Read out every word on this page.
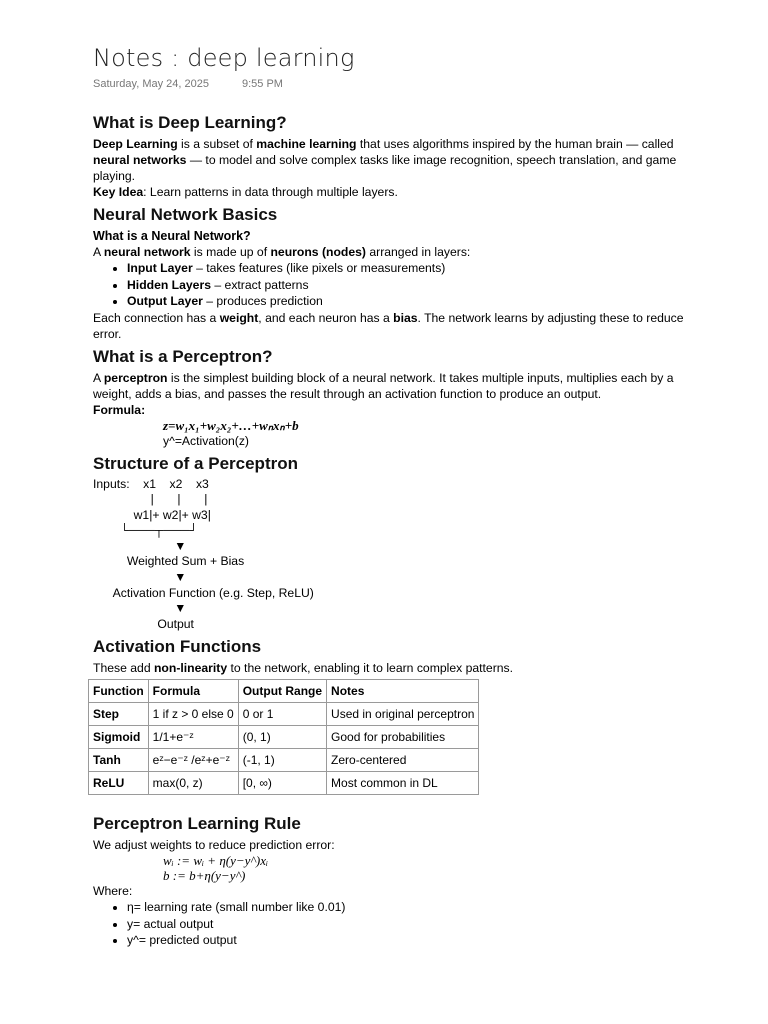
Notes : deep learning
Saturday, May 24, 2025	9:55 PM
What is Deep Learning?

Deep Learning is a subset of machine learning that uses algorithms inspired by the human brain — called neural networks — to model and solve complex tasks like image recognition, speech translation, and game playing.

Key Idea: Learn patterns in data through multiple layers.

Neural Network Basics
What is a Neural Network?

A neural network is made up of neurons (nodes) arranged in layers:

• Input Layer – takes features (like pixels or measurements)
• Hidden Layers – extract patterns
• Output Layer – produces prediction

Each connection has a weight, and each neuron has a bias. The network learns by adjusting these to reduce error.

What is a Perceptron?

A perceptron is the simplest building block of a neural network. It takes multiple inputs, multiplies each by a weight, adds a bias, and passes the result through an activation function to produce an output.

Formula:

z=w₁x₁+w₂x₂+…+wₙxₙ+b

y^=Activation(z)

Structure of a Perceptron
Inputs:    x1    x2    x3
|       |       |
w1|+ w2|+ w3|
└───┬───┘
▼
Weighted Sum + Bias
▼
Activation Function (e.g. Step, ReLU)
▼
Output
Activation Functions

These add non-linearity to the network, enabling it to learn complex patterns.

Function	Formula	Output Range	Notes
Step	1 if z > 0 else 0	0 or 1	Used in original perceptron
Sigmoid	1/1+e⁻ᶻ	(0, 1)	Good for probabilities
Tanh	eᶻ−e⁻ᶻ /eᶻ+e⁻ᶻ	(-1, 1)	Zero-centered
ReLU	max(0, z)	[0, ∞)	Most common in DL
Perceptron Learning Rule

We adjust weights to reduce prediction error:

wᵢ := wᵢ + η(y−y^)xᵢ

b := b+η(y−y^)

Where:

• η= learning rate (small number like 0.01)
• y= actual output
• y^= predicted output
